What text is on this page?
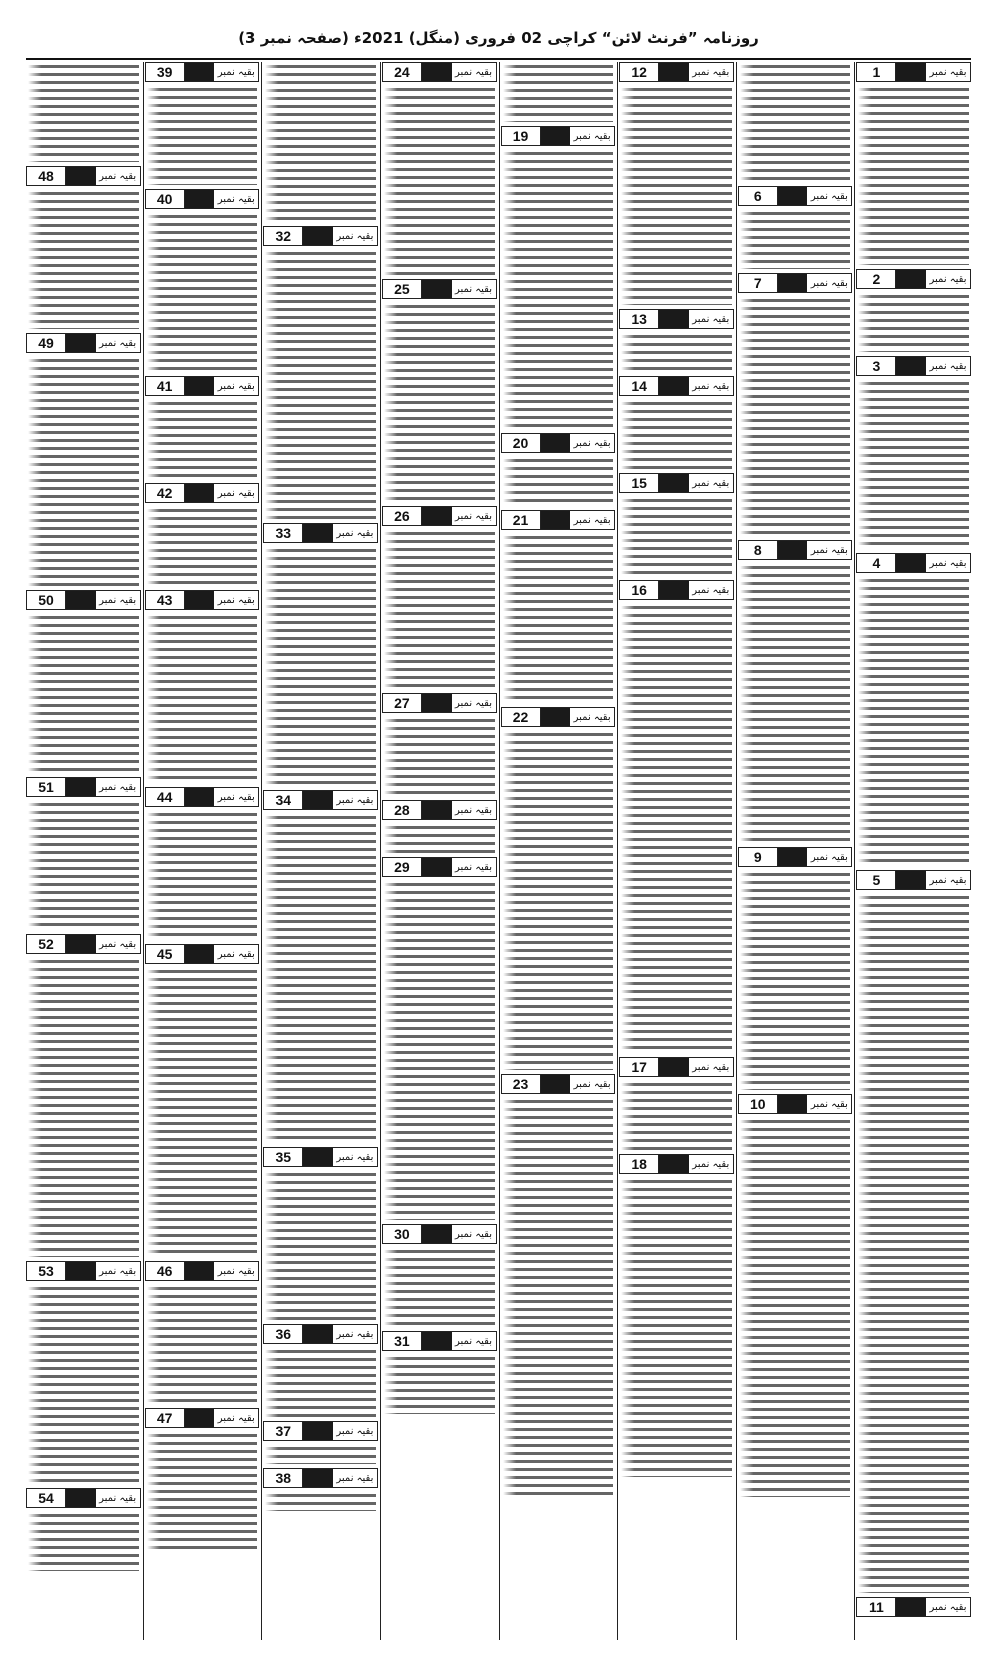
روزنامہ ”فرنٹ لائن“ کراچی 02 فروری (منگل) 2021ء (صفحہ نمبر 3)
1	بقیہ نمبر
2	بقیہ نمبر
3	بقیہ نمبر
4	بقیہ نمبر
5	بقیہ نمبر
11	بقیہ نمبر
6	بقیہ نمبر
7	بقیہ نمبر
8	بقیہ نمبر
9	بقیہ نمبر
10	بقیہ نمبر
12	بقیہ نمبر
13	بقیہ نمبر
14	بقیہ نمبر
15	بقیہ نمبر
16	بقیہ نمبر
17	بقیہ نمبر
18	بقیہ نمبر
19	بقیہ نمبر
20	بقیہ نمبر
21	بقیہ نمبر
22	بقیہ نمبر
23	بقیہ نمبر
24	بقیہ نمبر
25	بقیہ نمبر
26	بقیہ نمبر
27	بقیہ نمبر
28	بقیہ نمبر
29	بقیہ نمبر
30	بقیہ نمبر
31	بقیہ نمبر
32	بقیہ نمبر
33	بقیہ نمبر
34	بقیہ نمبر
35	بقیہ نمبر
36	بقیہ نمبر
37	بقیہ نمبر
38	بقیہ نمبر
39	بقیہ نمبر
40	بقیہ نمبر
41	بقیہ نمبر
42	بقیہ نمبر
43	بقیہ نمبر
44	بقیہ نمبر
45	بقیہ نمبر
46	بقیہ نمبر
47	بقیہ نمبر
48	بقیہ نمبر
49	بقیہ نمبر
50	بقیہ نمبر
51	بقیہ نمبر
52	بقیہ نمبر
53	بقیہ نمبر
54	بقیہ نمبر
